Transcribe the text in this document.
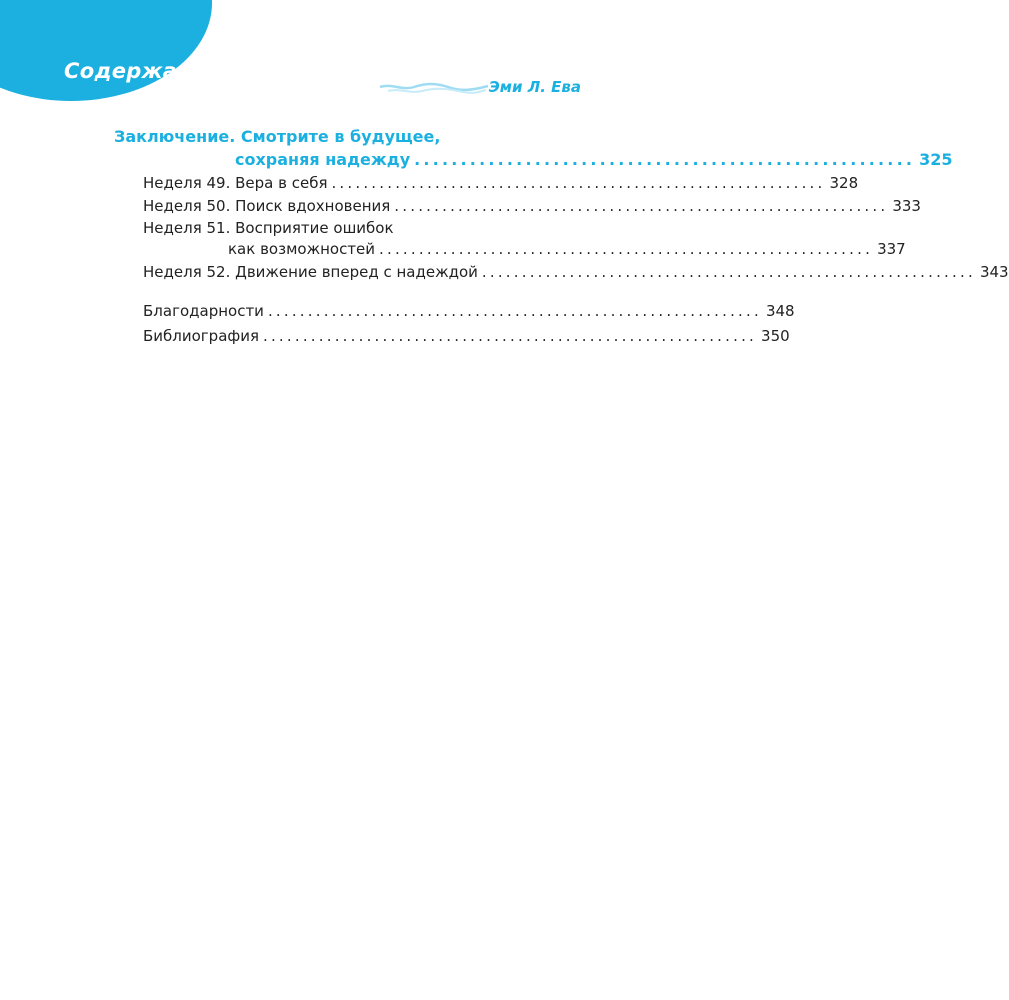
Содержание
Эми Л. Ева
Заключение. Смотрите в будущее,
сохраняя надежду ...................................................... 325
Неделя 49. Вера в себя .............................................................. 328
Неделя 50. Поиск вдохновения .............................................................. 333
Неделя 51. Восприятие ошибок
как возможностей .............................................................. 337
Неделя 52. Движение вперед с надеждой .............................................................. 343
Благодарности .............................................................. 348
Библиография .............................................................. 350
